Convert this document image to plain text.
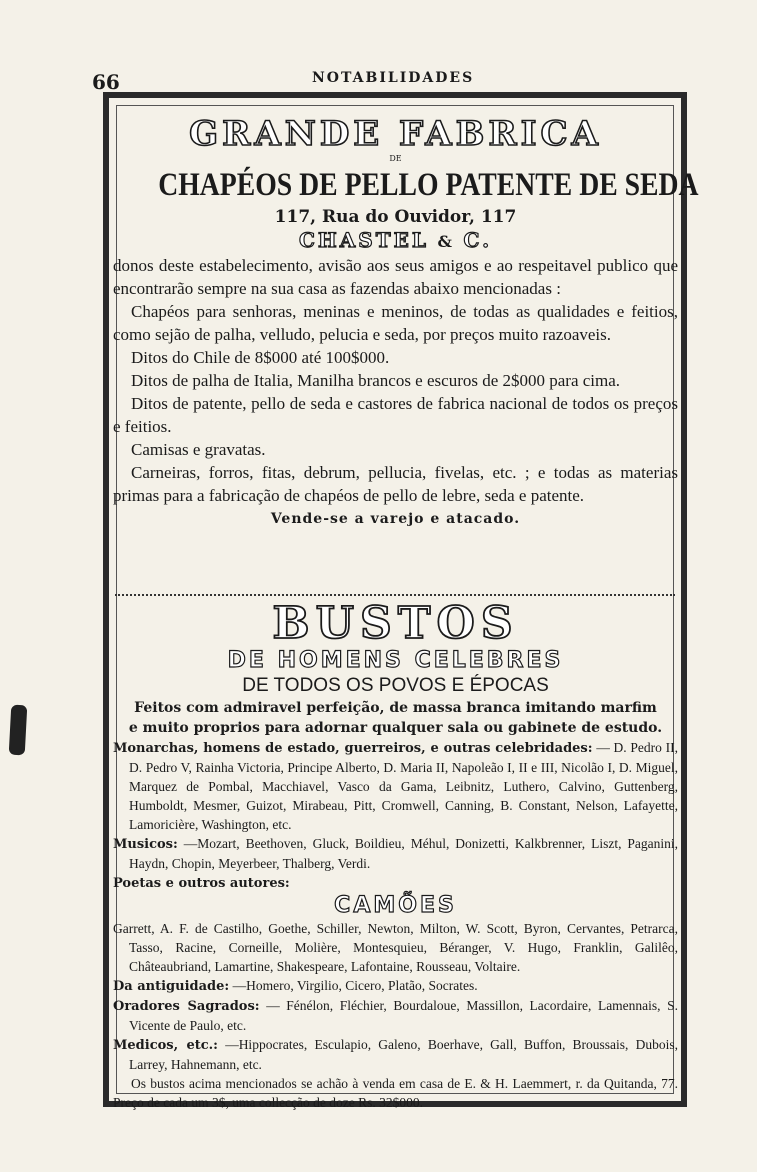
66	NOTABILIDADES
GRANDE FABRICA
DE
CHAPÉOS DE PELLO PATENTE DE SEDA
117, Rua do Ouvidor, 117
CHASTEL & C.

donos deste estabelecimento, avisão aos seus amigos e ao respeitavel publico que encontrarão sempre na sua casa as fazendas abaixo mencionadas :

Chapéos para senhoras, meninas e meninos, de todas as qualidades e feitios, como sejão de palha, velludo, pelucia e seda, por preços muito razoaveis.

Ditos do Chile de 8$000 até 100$000.

Ditos de palha de Italia, Manilha brancos e escuros de 2$000 para cima.

Ditos de patente, pello de seda e castores de fabrica nacional de todos os preços e feitios.

Camisas e gravatas.

Carneiras, forros, fitas, debrum, pellucia, fivelas, etc. ; e todas as materias primas para a fabricação de chapéos de pello de lebre, seda e patente.

Vende-se a varejo e atacado.
BUSTOS
DE HOMENS CELEBRES
DE TODOS OS POVOS E ÉPOCAS
Feitos com admiravel perfeição, de massa branca imitando marfim
e muito proprios para adornar qualquer sala ou gabinete de estudo.

Monarchas, homens de estado, guerreiros, e outras celebridades: — D. Pedro II, D. Pedro V, Rainha Victoria, Principe Alberto, D. Maria II, Napoleão I, II e III, Nicolão I, D. Miguel, Marquez de Pombal, Macchiavel, Vasco da Gama, Leibnitz, Luthero, Calvino, Guttenberg, Humboldt, Mesmer, Guizot, Mirabeau, Pitt, Cromwell, Canning, B. Constant, Nelson, Lafayette, Lamoricière, Washington, etc.

Musicos: —Mozart, Beethoven, Gluck, Boildieu, Méhul, Donizetti, Kalkbrenner, Liszt, Paganini, Haydn, Chopin, Meyerbeer, Thalberg, Verdi.

Poetas e outros autores:

CAMÕES

Garrett, A. F. de Castilho, Goethe, Schiller, Newton, Milton, W. Scott, Byron, Cervantes, Petrarca, Tasso, Racine, Corneille, Molière, Montesquieu, Béranger, V. Hugo, Franklin, Galilêo, Châteaubriand, Lamartine, Shakespeare, Lafontaine, Rousseau, Voltaire.

Da antiguidade: —Homero, Virgilio, Cicero, Platão, Socrates.

Oradores Sagrados: — Fénélon, Fléchier, Bourdaloue, Massillon, Lacordaire, Lamennais, S. Vicente de Paulo, etc.

Medicos, etc.: —Hippocrates, Esculapio, Galeno, Boerhave, Gall, Buffon, Broussais, Dubois, Larrey, Hahnemann, etc.

Os bustos acima mencionados se achão à venda em casa de E. & H. Laemmert, r. da Quitanda, 77. Preço de cada um 3$, uma collecção de doze Rs. 32$000.
